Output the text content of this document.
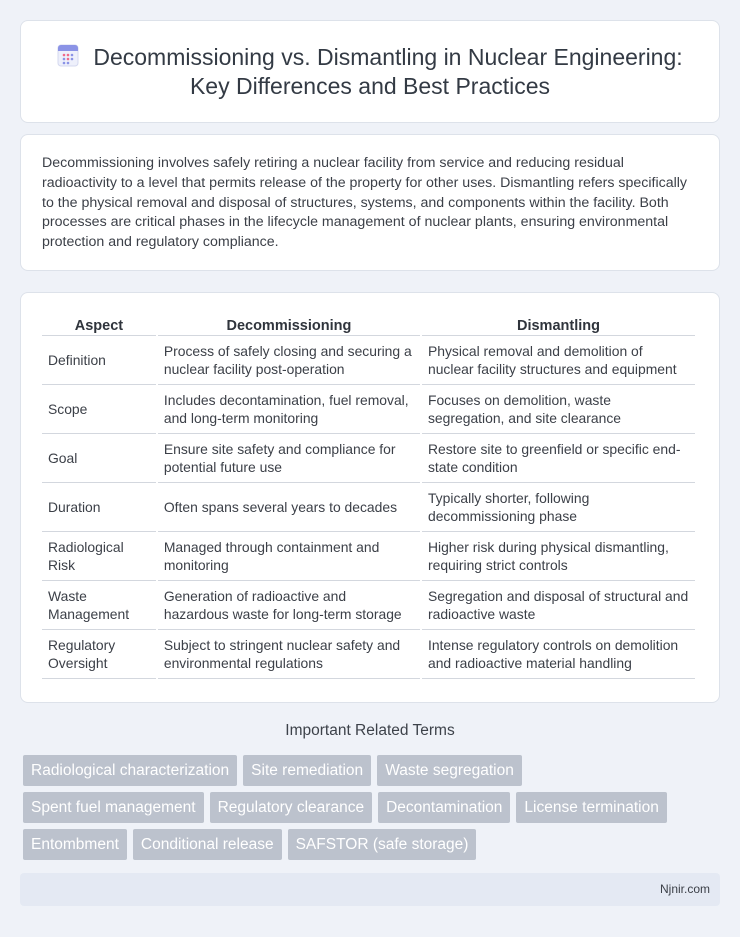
Decommissioning vs. Dismantling in Nuclear Engineering: Key Differences and Best Practices

Decommissioning involves safely retiring a nuclear facility from service and reducing residual radioactivity to a level that permits release of the property for other uses. Dismantling refers specifically to the physical removal and disposal of structures, systems, and components within the facility. Both processes are critical phases in the lifecycle management of nuclear plants, ensuring environmental protection and regulatory compliance.

Aspect	Decommissioning	Dismantling
Definition	Process of safely closing and securing a nuclear facility post-operation	Physical removal and demolition of nuclear facility structures and equipment
Scope	Includes decontamination, fuel removal, and long-term monitoring	Focuses on demolition, waste segregation, and site clearance
Goal	Ensure site safety and compliance for potential future use	Restore site to greenfield or specific end-state condition
Duration	Often spans several years to decades	Typically shorter, following decommissioning phase
Radiological Risk	Managed through containment and monitoring	Higher risk during physical dismantling, requiring strict controls
Waste Management	Generation of radioactive and hazardous waste for long-term storage	Segregation and disposal of structural and radioactive waste
Regulatory Oversight	Subject to stringent nuclear safety and environmental regulations	Intense regulatory controls on demolition and radioactive material handling
Important Related Terms
Radiological characterization	Site remediation	Waste segregation
Spent fuel management	Regulatory clearance	Decontamination	License termination
Entombment	Conditional release	SAFSTOR (safe storage)
Njnir.com
